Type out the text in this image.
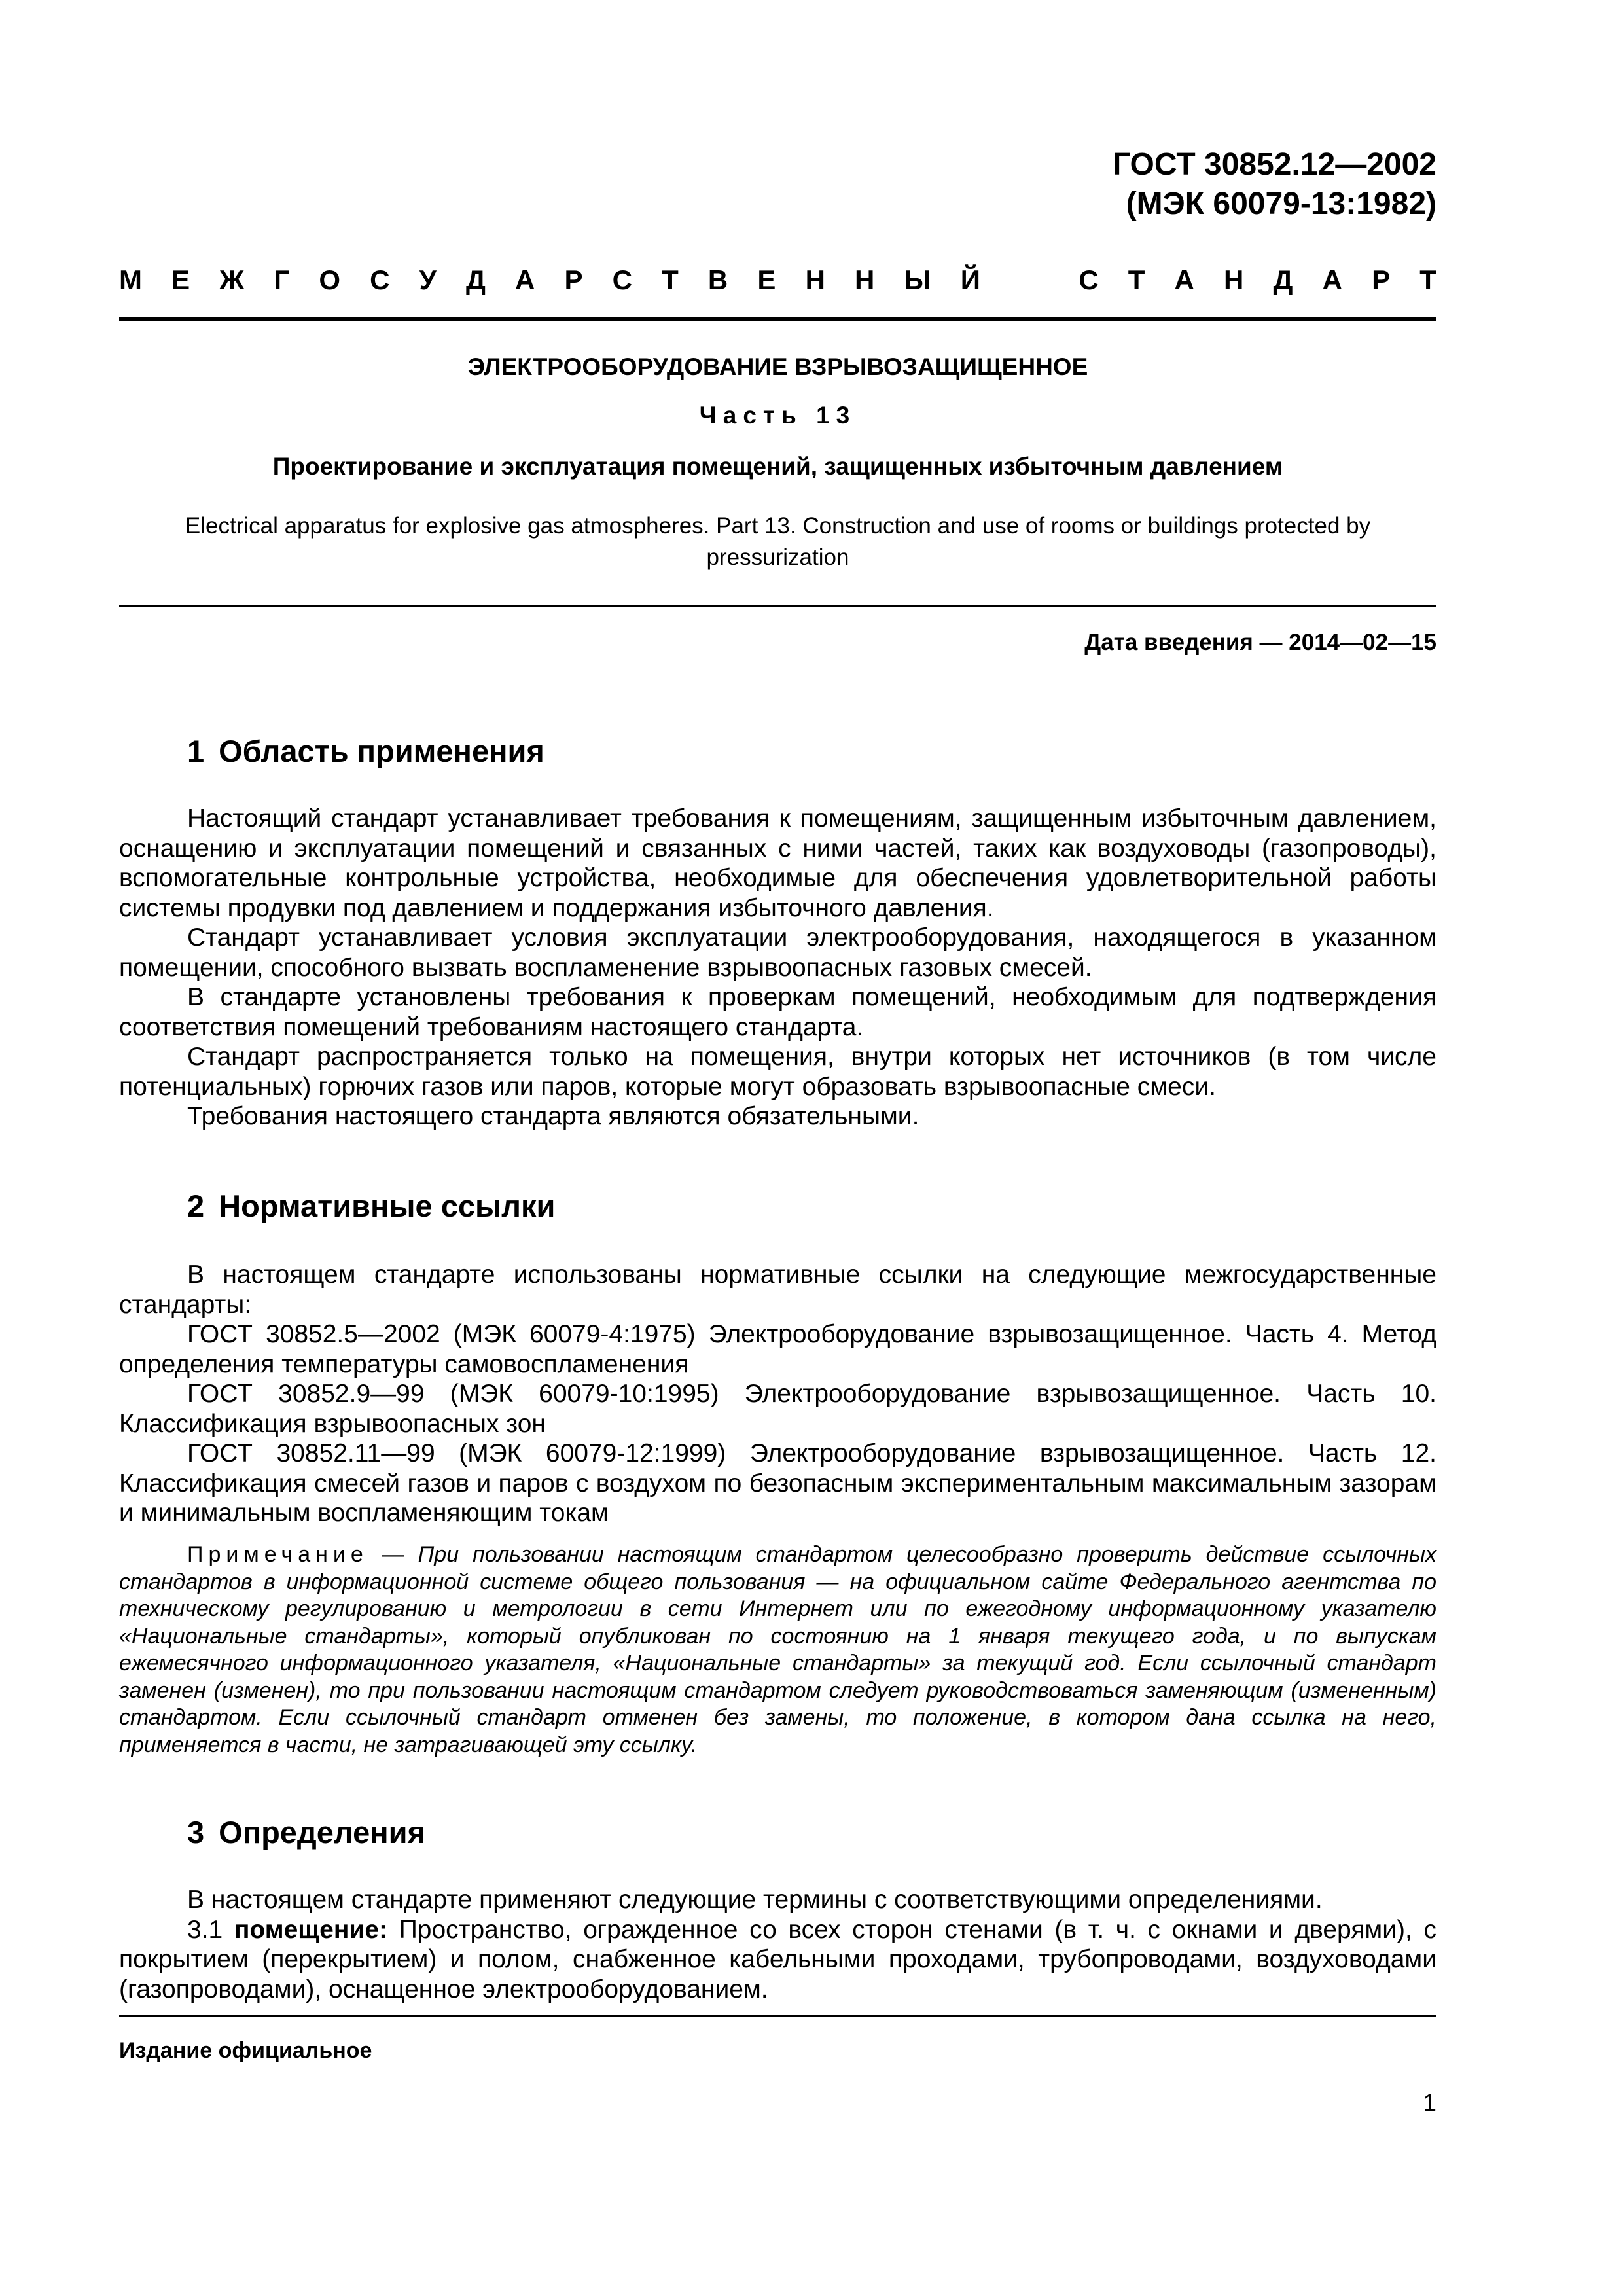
ГОСТ 30852.12—2002
(МЭК 60079-13:1982)
М Е Ж Г О С У Д А Р С Т В Е Н Н Ы Й	С Т А Н Д А Р Т
ЭЛЕКТРООБОРУДОВАНИЕ ВЗРЫВОЗАЩИЩЕННОЕ
Часть 13
Проектирование и эксплуатация помещений, защищенных избыточным давлением
Electrical apparatus for explosive gas atmospheres. Part 13. Construction and use of rooms or buildings protected by pressurization
Дата введения — 2014—02—15
1 Область применения

Настоящий стандарт устанавливает требования к помещениям, защищенным избыточным давлением, оснащению и эксплуатации помещений и связанных с ними частей, таких как воздуховоды (газопроводы), вспомогательные контрольные устройства, необходимые для обеспечения удовлетворительной работы системы продувки под давлением и поддержания избыточного давления.

Стандарт устанавливает условия эксплуатации электрооборудования, находящегося в указанном помещении, способного вызвать воспламенение взрывоопасных газовых смесей.

В стандарте установлены требования к проверкам помещений, необходимым для подтверждения соответствия помещений требованиям настоящего стандарта.

Стандарт распространяется только на помещения, внутри которых нет источников (в том числе потенциальных) горючих газов или паров, которые могут образовать взрывоопасные смеси.

Требования настоящего стандарта являются обязательными.

2 Нормативные ссылки

В настоящем стандарте использованы нормативные ссылки на следующие межгосударственные стандарты:

ГОСТ 30852.5—2002 (МЭК 60079-4:1975) Электрооборудование взрывозащищенное. Часть 4. Метод определения температуры самовоспламенения

ГОСТ 30852.9—99 (МЭК 60079-10:1995) Электрооборудование взрывозащищенное. Часть 10. Классификация взрывоопасных зон

ГОСТ 30852.11—99 (МЭК 60079-12:1999) Электрооборудование взрывозащищенное. Часть 12. Классификация смесей газов и паров с воздухом по безопасным экспериментальным максимальным зазорам и минимальным воспламеняющим токам

Примечание — При пользовании настоящим стандартом целесообразно проверить действие ссылочных стандартов в информационной системе общего пользования — на официальном сайте Федерального агентства по техническому регулированию и метрологии в сети Интернет или по ежегодному информационному указателю «Национальные стандарты», который опубликован по состоянию на 1 января текущего года, и по выпускам ежемесячного информационного указателя, «Национальные стандарты» за текущий год. Если ссылочный стандарт заменен (изменен), то при пользовании настоящим стандартом следует руководствоваться заменяющим (измененным) стандартом. Если ссылочный стандарт отменен без замены, то положение, в котором дана ссылка на него, применяется в части, не затрагивающей эту ссылку.
3 Определения

В настоящем стандарте применяют следующие термины с соответствующими определениями.

3.1 помещение: Пространство, огражденное со всех сторон стенами (в т. ч. с окнами и дверями), с покрытием (перекрытием) и полом, снабженное кабельными проходами, трубопроводами, воздуховодами (газопроводами), оснащенное электрооборудованием.

Издание официальное
1
